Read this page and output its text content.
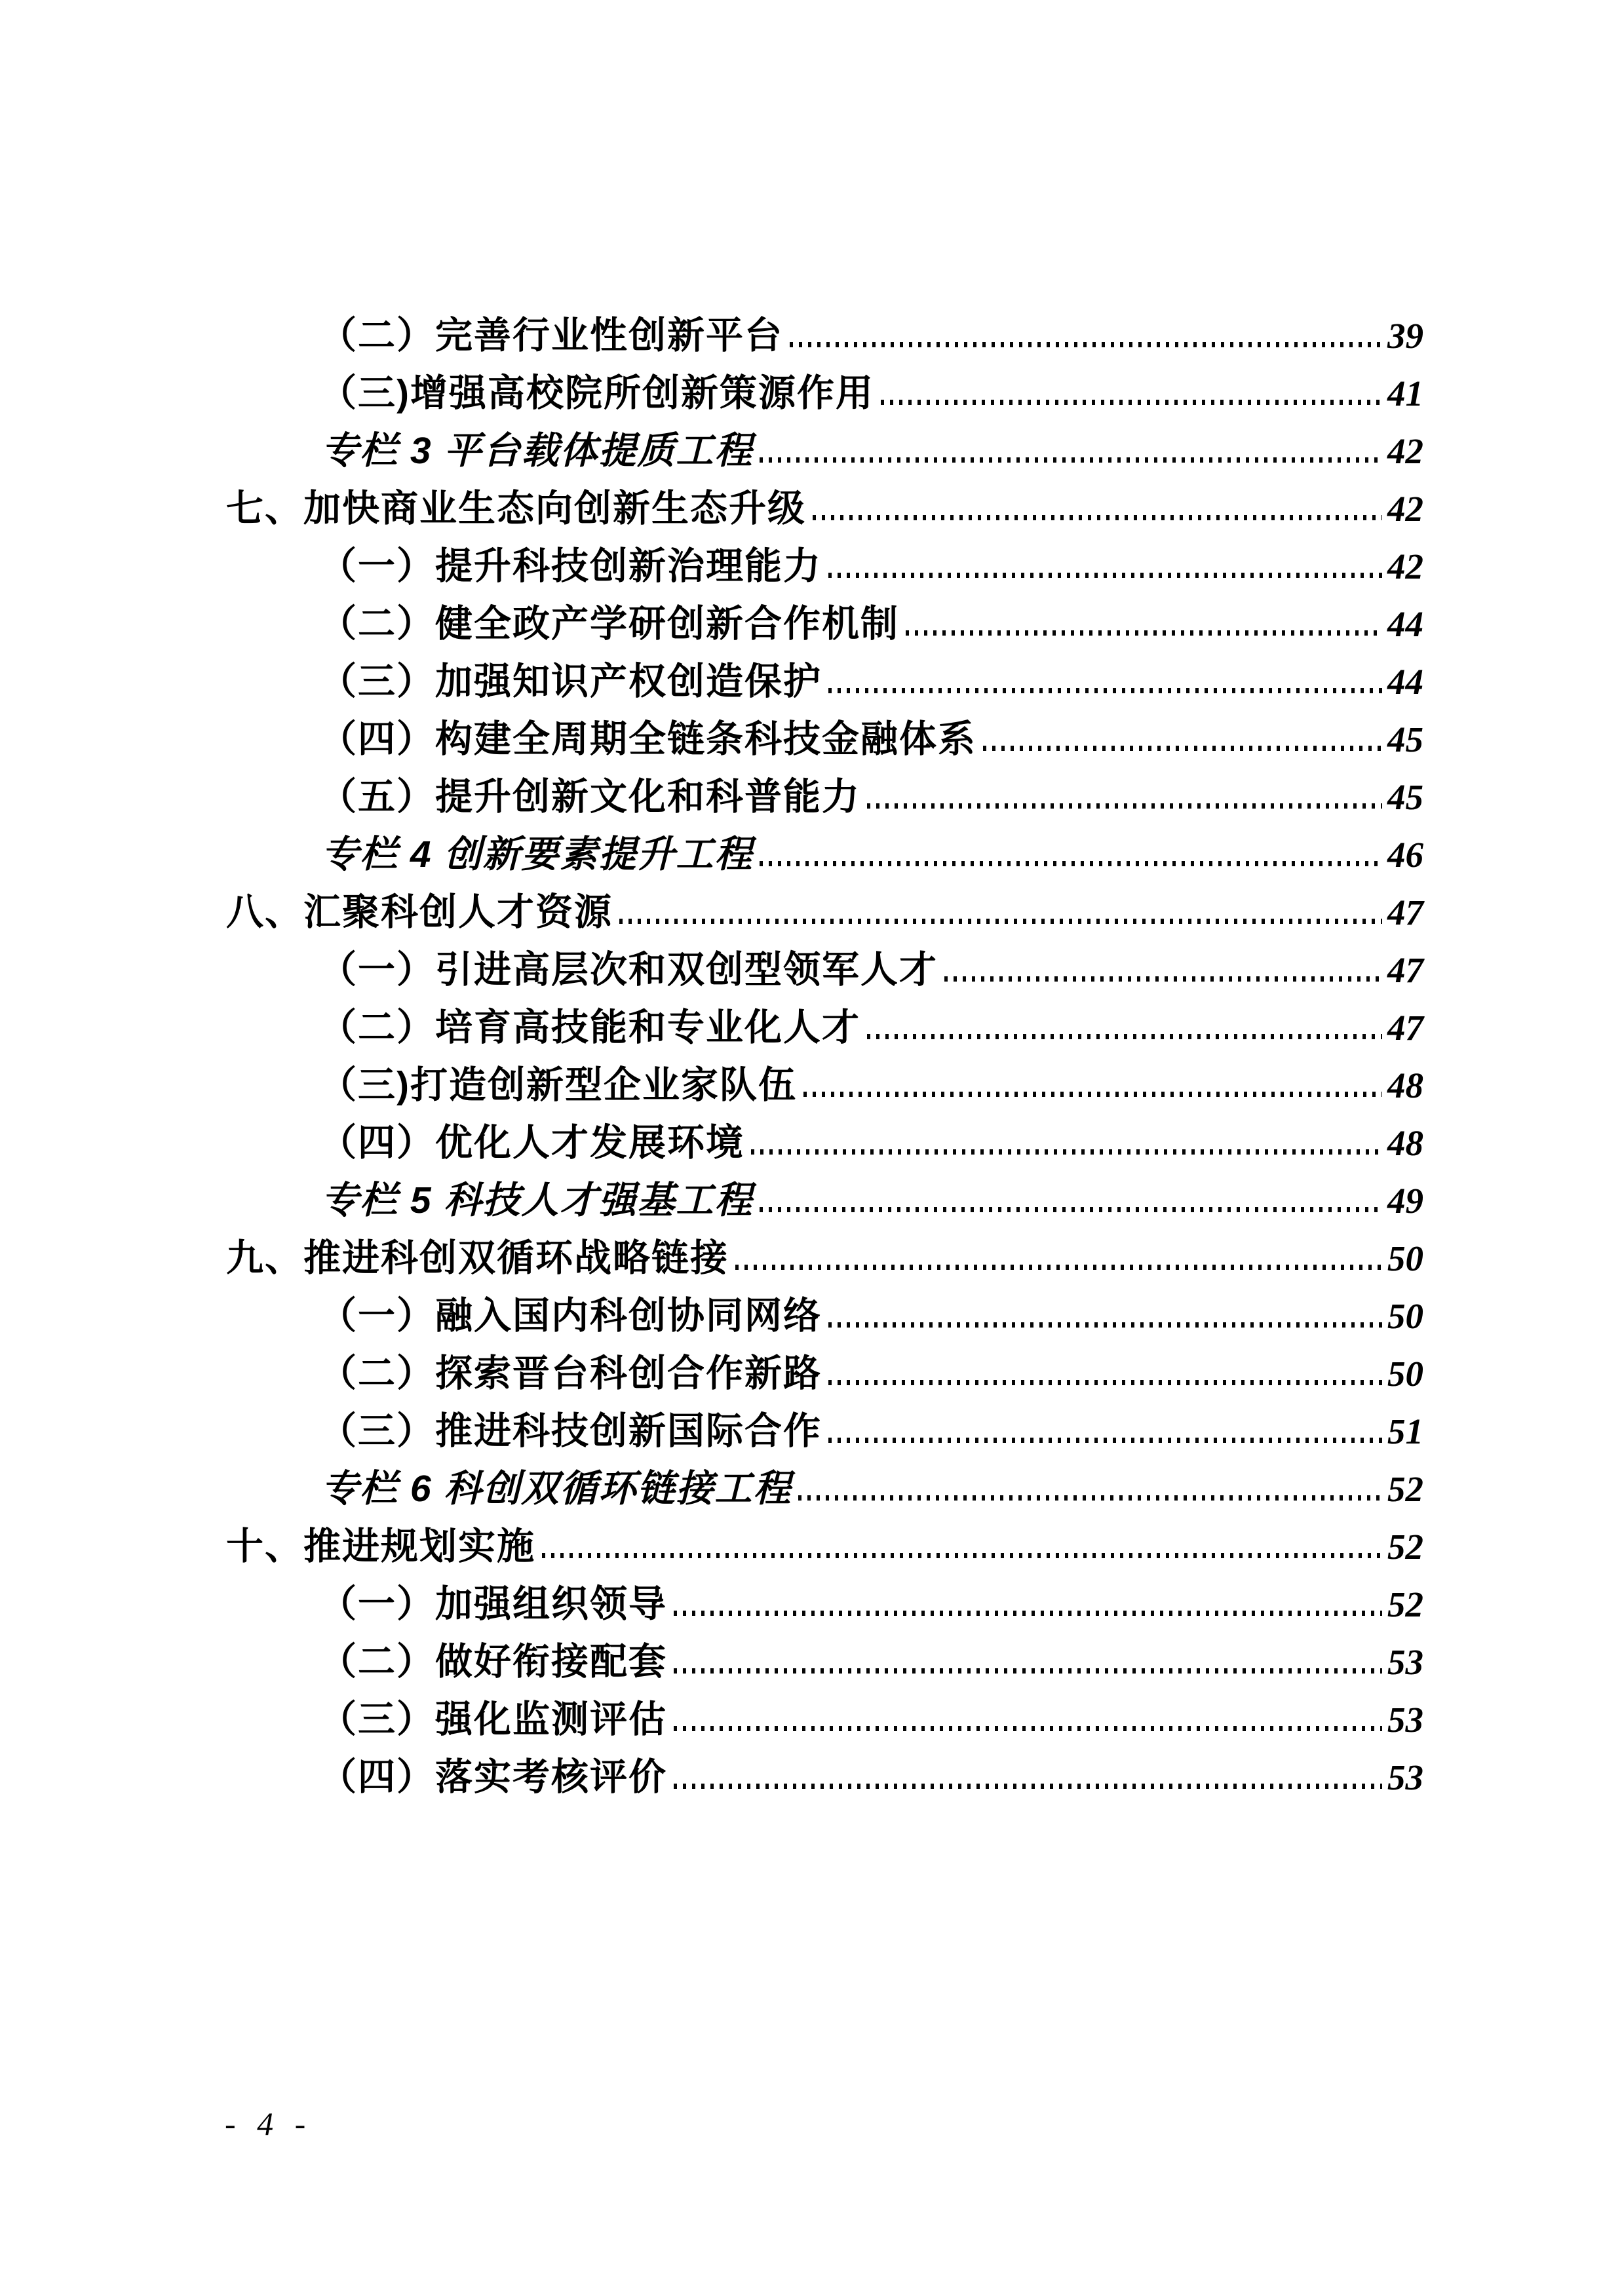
（二）完善行业性创新平台	39
（三)增强高校院所创新策源作用	41
专栏 3 平台载体提质工程	42
七、加快商业生态向创新生态升级	42
（一）提升科技创新治理能力	42
（二）健全政产学研创新合作机制	44
（三）加强知识产权创造保护	44
（四）构建全周期全链条科技金融体系	45
（五）提升创新文化和科普能力	45
专栏 4 创新要素提升工程	46
八、汇聚科创人才资源	47
（一）引进高层次和双创型领军人才	47
（二）培育高技能和专业化人才	47
（三)打造创新型企业家队伍	48
（四）优化人才发展环境	48
专栏 5 科技人才强基工程	49
九、推进科创双循环战略链接	50
（一）融入国内科创协同网络	50
（二）探索晋台科创合作新路	50
（三）推进科技创新国际合作	51
专栏 6 科创双循环链接工程	52
十、推进规划实施	52
（一）加强组织领导	52
（二）做好衔接配套	53
（三）强化监测评估	53
（四）落实考核评价	53
- 4 -
